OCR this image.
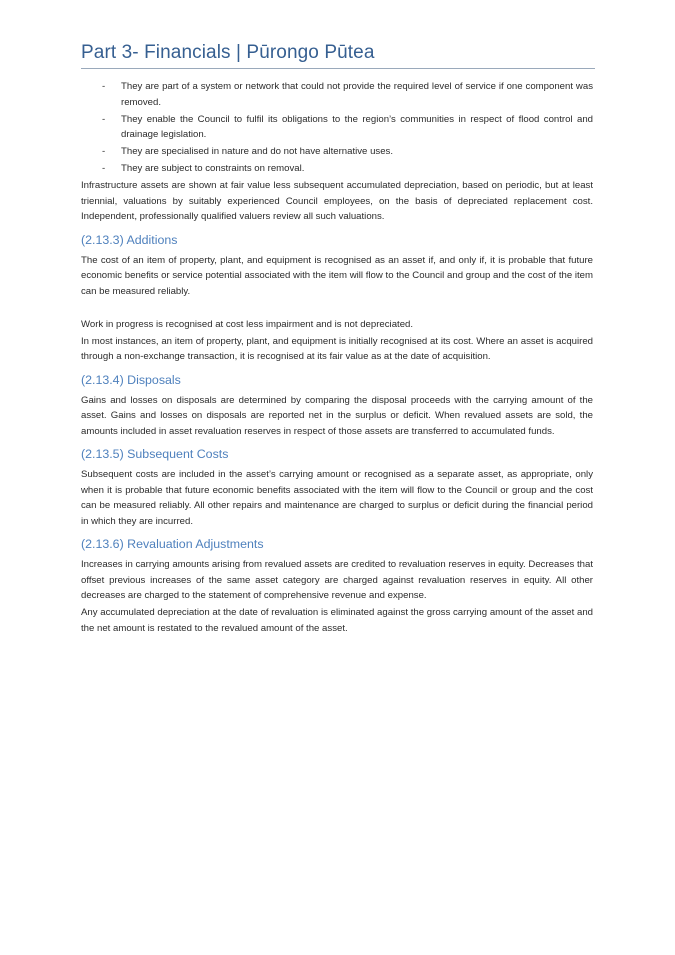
Part 3- Financials | Pūrongo Pūtea
- They are part of a system or network that could not provide the required level of service if one component was removed.
- They enable the Council to fulfil its obligations to the region’s communities in respect of flood control and drainage legislation.
- They are specialised in nature and do not have alternative uses.
- They are subject to constraints on removal.

Infrastructure assets are shown at fair value less subsequent accumulated depreciation, based on periodic, but at least triennial, valuations by suitably experienced Council employees, on the basis of depreciated replacement cost. Independent, professionally qualified valuers review all such valuations.

(2.13.3) Additions

The cost of an item of property, plant, and equipment is recognised as an asset if, and only if, it is probable that future economic benefits or service potential associated with the item will flow to the Council and group and the cost of the item can be measured reliably.

Work in progress is recognised at cost less impairment and is not depreciated.

In most instances, an item of property, plant, and equipment is initially recognised at its cost. Where an asset is acquired through a non-exchange transaction, it is recognised at its fair value as at the date of acquisition.

(2.13.4) Disposals

Gains and losses on disposals are determined by comparing the disposal proceeds with the carrying amount of the asset. Gains and losses on disposals are reported net in the surplus or deficit. When revalued assets are sold, the amounts included in asset revaluation reserves in respect of those assets are transferred to accumulated funds.

(2.13.5) Subsequent Costs

Subsequent costs are included in the asset’s carrying amount or recognised as a separate asset, as appropriate, only when it is probable that future economic benefits associated with the item will flow to the Council or group and the cost can be measured reliably. All other repairs and maintenance are charged to surplus or deficit during the financial period in which they are incurred.

(2.13.6) Revaluation Adjustments

Increases in carrying amounts arising from revalued assets are credited to revaluation reserves in equity. Decreases that offset previous increases of the same asset category are charged against revaluation reserves in equity. All other decreases are charged to the statement of comprehensive revenue and expense.

Any accumulated depreciation at the date of revaluation is eliminated against the gross carrying amount of the asset and the net amount is restated to the revalued amount of the asset.
